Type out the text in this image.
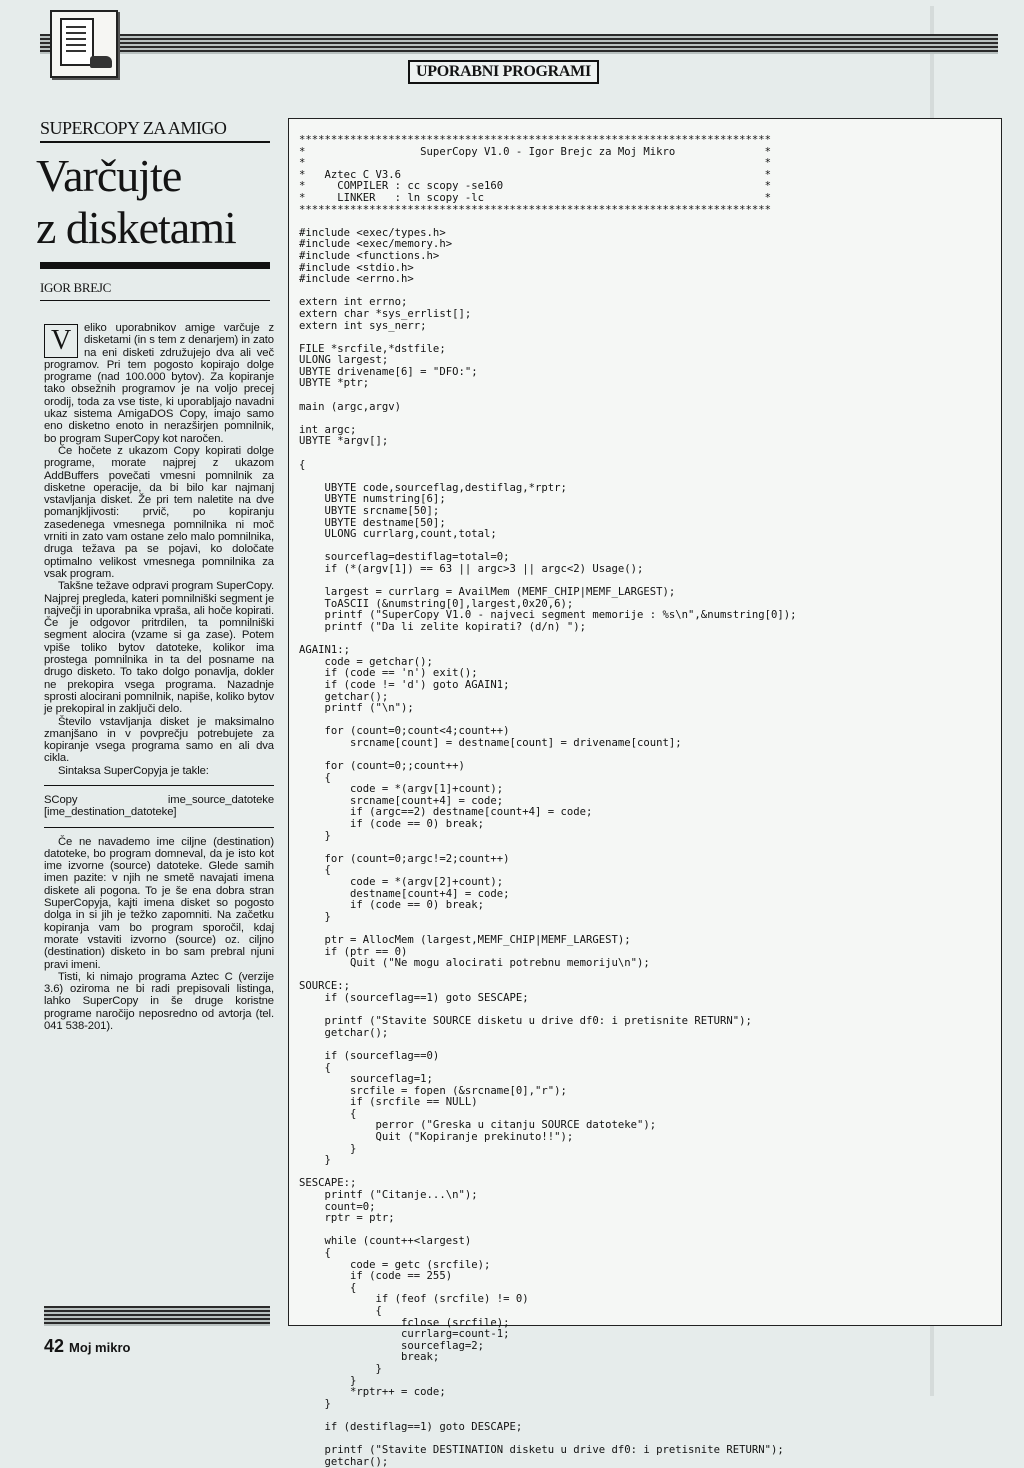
UPORABNI PROGRAMI
SUPERCOPY ZA AMIGO
Varčujte
z disketami

IGOR BREJC

V	eliko uporabnikov amige varčuje z disketami (in s tem z denarjem) in zato na eni disketi združujejo dva ali več programov. Pri tem pogosto kopirajo dolge programe (nad 100.000 bytov). Za kopiranje tako obsežnih programov je na voljo precej orodij, toda za vse tiste, ki uporabljajo navadni ukaz sistema AmigaDOS Copy, imajo samo eno disketno enoto in nerazširjen pomnilnik, bo program SuperCopy kot naročen.

Če hočete z ukazom Copy kopirati dolge programe, morate najprej z ukazom AddBuffers povečati vmesni pomnilnik za disketne operacije, da bi bilo kar najmanj vstavljanja disket. Že pri tem naletite na dve pomanjkljivosti: prvič, po kopiranju zasedenega vmesnega pomnilnika ni moč vrniti in zato vam ostane zelo malo pomnilnika, druga težava pa se pojavi, ko določate optimalno velikost vmesnega pomnilnika za vsak program.

Takšne težave odpravi program SuperCopy. Najprej pregleda, kateri pomnilniški segment je največji in uporabnika vpraša, ali hoče kopirati. Če je odgovor pritrdilen, ta pomnilniški segment alocira (vzame si ga zase). Potem vpiše toliko bytov datoteke, kolikor ima prostega pomnilnika in ta del posname na drugo disketo. To tako dolgo ponavlja, dokler ne prekopira vsega programa. Nazadnje sprosti alocirani pomnilnik, napiše, koliko bytov je prekopiral in zaključi delo.

Število vstavljanja disket je maksimalno zmanjšano in v povprečju potrebujete za kopiranje vsega programa samo en ali dva cikla.

Sintaksa SuperCopyja je takle:

SCopy ime_source_datoteke [ime_destination_datoteke]

Če ne navademo ime ciljne (destination) datoteke, bo program domneval, da je isto kot ime izvorne (source) datoteke. Glede samih imen pazite: v njih ne smetě navajati imena diskete ali pogona. To je še ena dobra stran SuperCopyja, kajti imena disket so pogosto dolga in si jih je težko zapomniti. Na začetku kopiranja vam bo program sporočil, kdaj morate vstaviti izvorno (source) oz. ciljno (destination) disketo in bo sam prebral njuni pravi imeni.

Tisti, ki nimajo programa Aztec C (verzije 3.6) oziroma ne bi radi prepisovali listinga, lahko SuperCopy in še druge koristne programe naročijo neposredno od avtorja (tel. 041 538-201).

42 Moj mikro

**************************************************************************
*                  SuperCopy V1.0 - Igor Brejc za Moj Mikro              *
*                                                                        *
*   Aztec C V3.6                                                         *
*     COMPILER : cc scopy -se160                                         *
*     LINKER   : ln scopy -lc                                            *
**************************************************************************

#include <exec/types.h>
#include <exec/memory.h>
#include <functions.h>
#include <stdio.h>
#include <errno.h>

extern int errno;
extern char *sys_errlist[];
extern int sys_nerr;

FILE *srcfile,*dstfile;
ULONG largest;
UBYTE drivename[6] = "DFO:";
UBYTE *ptr;

main (argc,argv)

int argc;
UBYTE *argv[];

{

UBYTE code,sourceflag,destiflag,*rptr;
UBYTE numstring[6];
UBYTE srcname[50];
UBYTE destname[50];
ULONG currlarg,count,total;

sourceflag=destiflag=total=0;
if (*(argv[1]) == 63 || argc>3 || argc<2) Usage();

largest = currlarg = AvailMem (MEMF_CHIP|MEMF_LARGEST);
ToASCII (&numstring[0],largest,0x20,6);
printf ("SuperCopy V1.0 - najveci segment memorije : %s\n",&numstring[0]);
printf ("Da li zelite kopirati? (d/n) ");

AGAIN1:;
code = getchar();
if (code == 'n') exit();
if (code != 'd') goto AGAIN1;
getchar();
printf ("\n");

for (count=0;count<4;count++)
srcname[count] = destname[count] = drivename[count];

for (count=0;;count++)
{
code = *(argv[1]+count);
srcname[count+4] = code;
if (argc==2) destname[count+4] = code;
if (code == 0) break;
}

for (count=0;argc!=2;count++)
{
code = *(argv[2]+count);
destname[count+4] = code;
if (code == 0) break;
}

ptr = AllocMem (largest,MEMF_CHIP|MEMF_LARGEST);
if (ptr == 0)
Quit ("Ne mogu alocirati potrebnu memoriju\n");

SOURCE:;
if (sourceflag==1) goto SESCAPE;

printf ("Stavite SOURCE disketu u drive df0: i pretisnite RETURN");
getchar();

if (sourceflag==0)
{
sourceflag=1;
srcfile = fopen (&srcname[0],"r");
if (srcfile == NULL)
{
perror ("Greska u citanju SOURCE datoteke");
Quit ("Kopiranje prekinuto!!");
}
}

SESCAPE:;
printf ("Citanje...\n");
count=0;
rptr = ptr;

while (count++<largest)
{
code = getc (srcfile);
if (code == 255)
{
if (feof (srcfile) != 0)
{
fclose (srcfile);
currlarg=count-1;
sourceflag=2;
break;
}
}
*rptr++ = code;
}

if (destiflag==1) goto DESCAPE;

printf ("Stavite DESTINATION disketu u drive df0: i pretisnite RETURN");
getchar();
